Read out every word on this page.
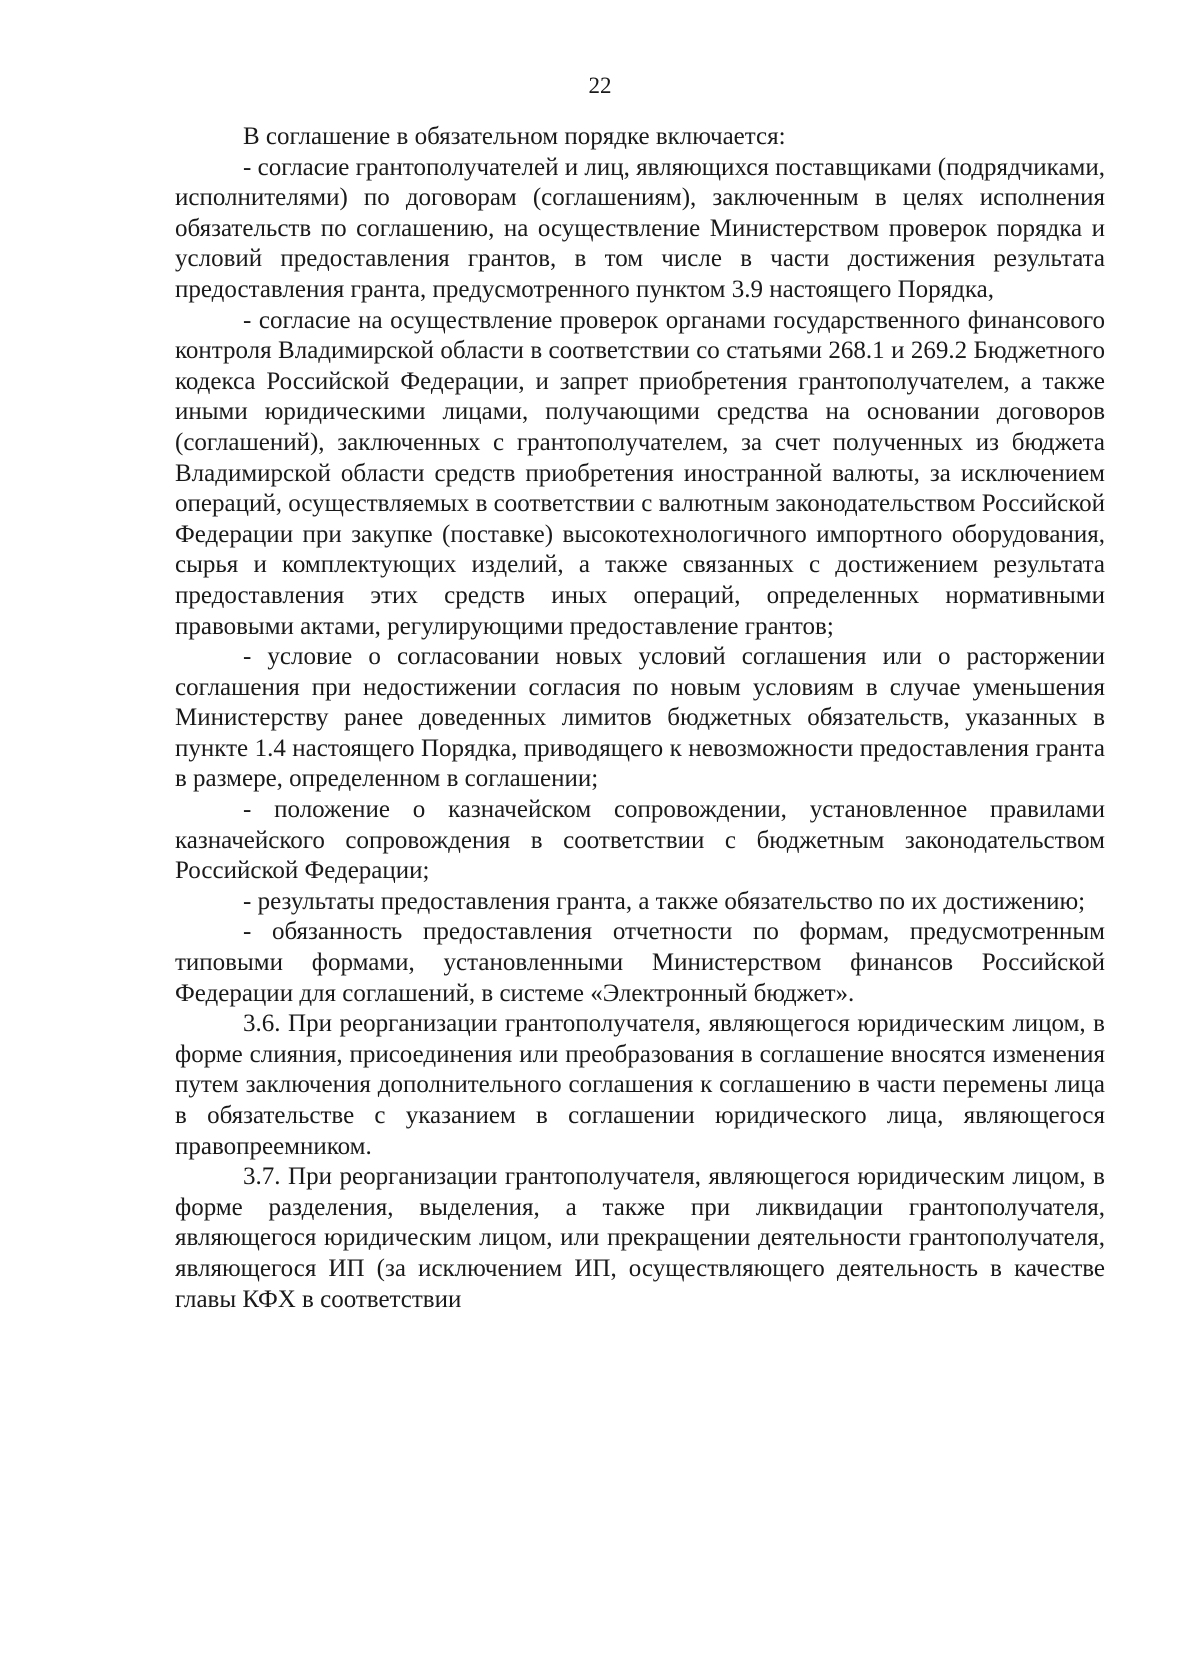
22

В соглашение в обязательном порядке включается:

- согласие грантополучателей и лиц, являющихся поставщиками (подрядчиками, исполнителями) по договорам (соглашениям), заключенным в целях исполнения обязательств по соглашению, на осуществление Министерством проверок порядка и условий предоставления грантов, в том числе в части достижения результата предоставления гранта, предусмотренного пунктом 3.9 настоящего Порядка,

- согласие на осуществление проверок органами государственного финансового контроля Владимирской области в соответствии со статьями 268.1 и 269.2 Бюджетного кодекса Российской Федерации, и запрет приобретения грантополучателем, а также иными юридическими лицами, получающими средства на основании договоров (соглашений), заключенных с грантополучателем, за счет полученных из бюджета Владимирской области средств приобретения иностранной валюты, за исключением операций, осуществляемых в соответствии с валютным законодательством Российской Федерации при закупке (поставке) высокотехнологичного импортного оборудования, сырья и комплектующих изделий, а также связанных с достижением результата предоставления этих средств иных операций, определенных нормативными правовыми актами, регулирующими предоставление грантов;

- условие о согласовании новых условий соглашения или о расторжении соглашения при недостижении согласия по новым условиям в случае уменьшения Министерству ранее доведенных лимитов бюджетных обязательств, указанных в пункте 1.4 настоящего Порядка, приводящего к невозможности предоставления гранта в размере, определенном в соглашении;

- положение о казначейском сопровождении, установленное правилами казначейского сопровождения в соответствии с бюджетным законодательством Российской Федерации;

- результаты предоставления гранта, а также обязательство по их достижению;

- обязанность предоставления отчетности по формам, предусмотренным типовыми формами, установленными Министерством финансов Российской Федерации для соглашений, в системе «Электронный бюджет».

3.6. При реорганизации грантополучателя, являющегося юридическим лицом, в форме слияния, присоединения или преобразования в соглашение вносятся изменения путем заключения дополнительного соглашения к соглашению в части перемены лица в обязательстве с указанием в соглашении юридического лица, являющегося правопреемником.

3.7. При реорганизации грантополучателя, являющегося юридическим лицом, в форме разделения, выделения, а также при ликвидации грантополучателя, являющегося юридическим лицом, или прекращении деятельности грантополучателя, являющегося ИП (за исключением ИП, осуществляющего деятельность в качестве главы КФХ в соответствии
